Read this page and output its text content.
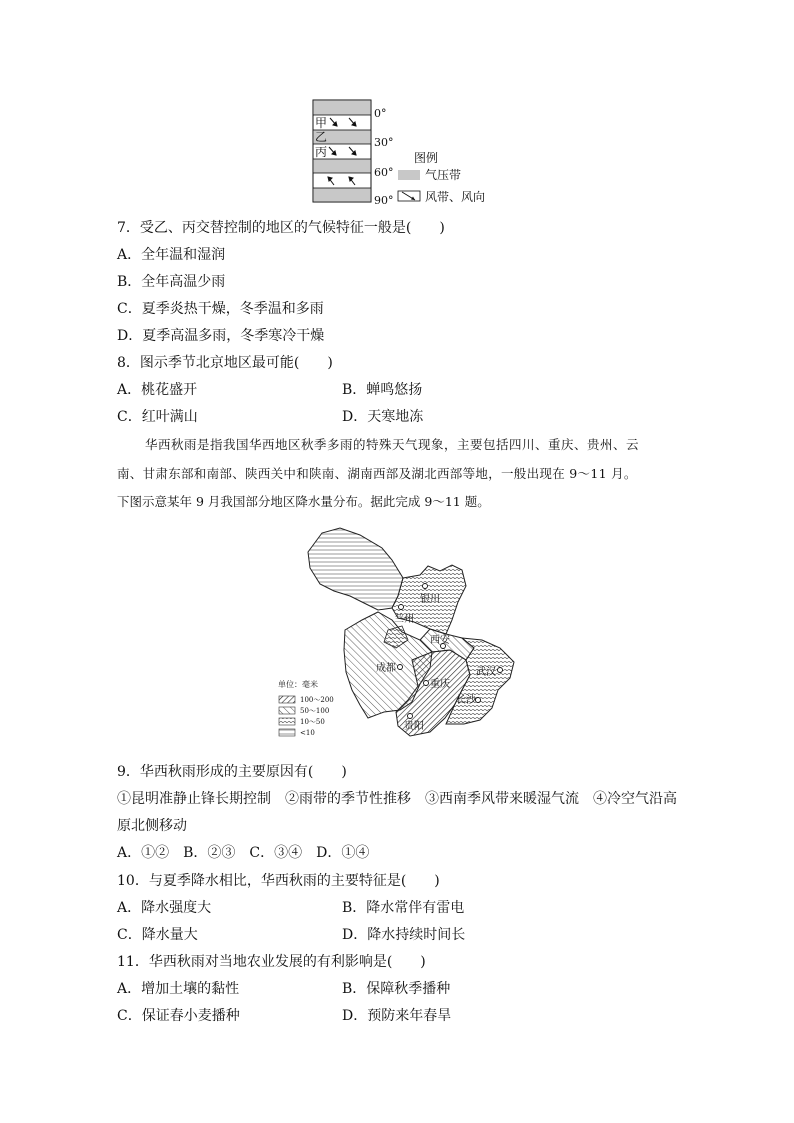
0°
30°
60°
90°
甲
乙
丙	图例
气压带
风带、风向
银川
兰州
西安
成都	武汉
重庆
长沙
贵阳
单位：毫米
100～200
50～100
10～50
<10
7．受乙、丙交替控制的地区的气候特征一般是(　　)
A．全年温和湿润
B．全年高温少雨
C．夏季炎热干燥，冬季温和多雨
D．夏季高温多雨，冬季寒冷干燥
8．图示季节北京地区最可能(　　)
A．桃花盛开	B．蝉鸣悠扬
C．红叶满山	D．天寒地冻
华西秋雨是指我国华西地区秋季多雨的特殊天气现象，主要包括四川、重庆、贵州、云
南、甘肃东部和南部、陕西关中和陕南、湖南西部及湖北西部等地，一般出现在 9～11 月。
下图示意某年 9 月我国部分地区降水量分布。据此完成 9～11 题。
9．华西秋雨形成的主要原因有(　　)
①昆明准静止锋长期控制　②雨带的季节性推移　③西南季风带来暖湿气流　④冷空气沿高
原北侧移动
A．①②　B．②③　C．③④　D．①④
10．与夏季降水相比，华西秋雨的主要特征是(　　)
A．降水强度大	B．降水常伴有雷电
C．降水量大	D．降水持续时间长
11．华西秋雨对当地农业发展的有利影响是(　　)
A．增加土壤的黏性	B．保障秋季播种
C．保证春小麦播种	D．预防来年春旱
